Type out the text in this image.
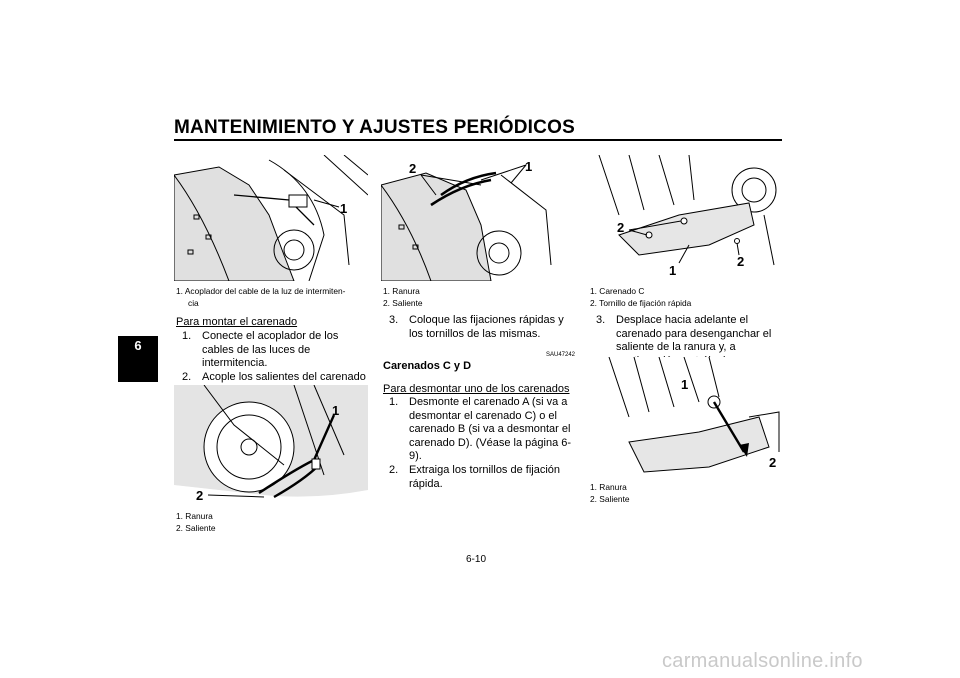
MANTENIMIENTO Y AJUSTES PERIÓDICOS
6
1
1. Acoplador del cable de la luz de intermiten-
cia
Para montar el carenado
1. Conecte el acoplador de los cables de las luces de intermitencia.
2. Acople los salientes del carenado
1
2
1. Ranura
2. Saliente
2	1
1. Ranura
2. Saliente
3. Coloque las fijaciones rápidas y los tornillos de las mismas.
SAU47242
Carenados C y D
Para desmontar uno de los carenados
1. Desmonte el carenado A (si va a desmontar el carenado C) o el carenado B (si va a desmontar el carenado D). (Véase la página 6-9).
2. Extraiga los tornillos de fijación rápida.
2
1
2
1. Carenado C
2. Tornillo de fijación rápida
3. Desplace hacia adelante el carenado para desenganchar el saliente de la ranura y, a
1
2
1. Ranura
2. Saliente
6-10
carmanualsonline.info
